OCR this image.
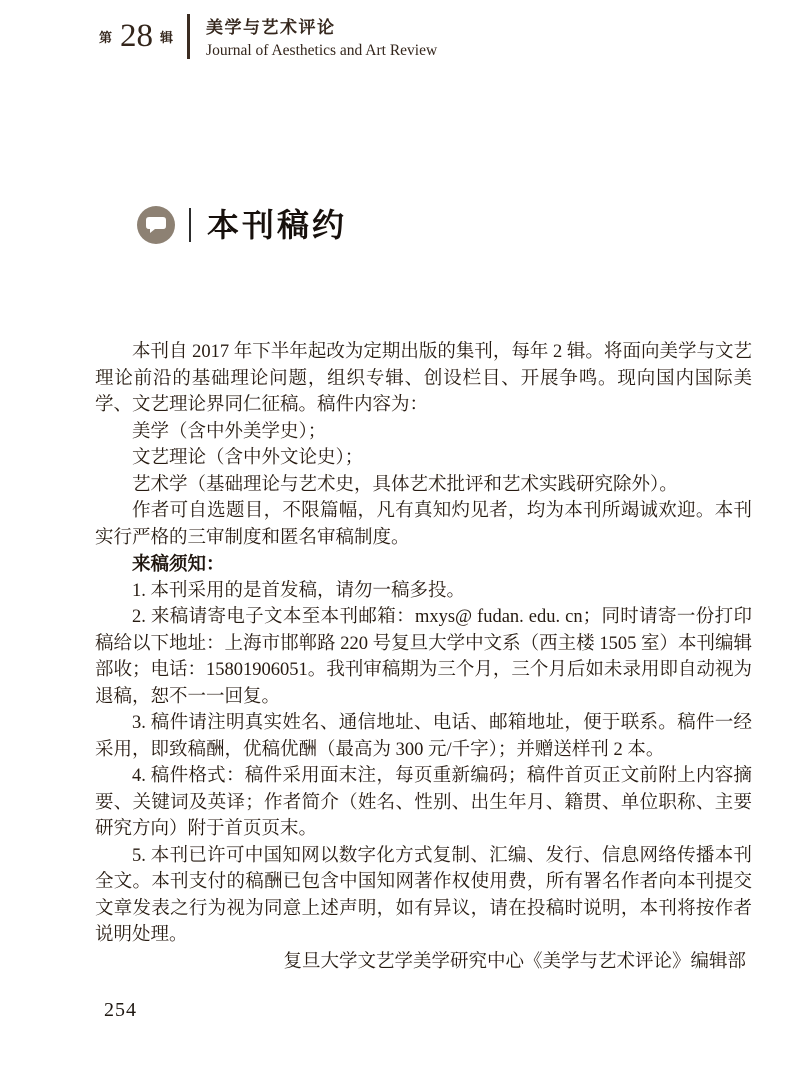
第 28 辑
美学与艺术评论
Journal of Aesthetics and Art Review
本刊稿约

本刊自 2017 年下半年起改为定期出版的集刊，每年 2 辑。将面向美学与文艺理论前沿的基础理论问题，组织专辑、创设栏目、开展争鸣。现向国内国际美学、文艺理论界同仁征稿。稿件内容为：

美学（含中外美学史）；

文艺理论（含中外文论史）；

艺术学（基础理论与艺术史，具体艺术批评和艺术实践研究除外）。

作者可自选题目，不限篇幅，凡有真知灼见者，均为本刊所竭诚欢迎。本刊实行严格的三审制度和匿名审稿制度。

来稿须知：

1. 本刊采用的是首发稿，请勿一稿多投。

2. 来稿请寄电子文本至本刊邮箱：mxys@ fudan. edu. cn；同时请寄一份打印稿给以下地址：上海市邯郸路 220 号复旦大学中文系（西主楼 1505 室）本刊编辑部收；电话：15801906051。我刊审稿期为三个月，三个月后如未录用即自动视为退稿，恕不一一回复。

3. 稿件请注明真实姓名、通信地址、电话、邮箱地址，便于联系。稿件一经采用，即致稿酬，优稿优酬（最高为 300 元/千字）；并赠送样刊 2 本。

4. 稿件格式：稿件采用面末注，每页重新编码；稿件首页正文前附上内容摘要、关键词及英译；作者简介（姓名、性别、出生年月、籍贯、单位职称、主要研究方向）附于首页页末。

5. 本刊已许可中国知网以数字化方式复制、汇编、发行、信息网络传播本刊全文。本刊支付的稿酬已包含中国知网著作权使用费，所有署名作者向本刊提交文章发表之行为视为同意上述声明，如有异议，请在投稿时说明，本刊将按作者说明处理。

复旦大学文艺学美学研究中心《美学与艺术评论》编辑部

254
